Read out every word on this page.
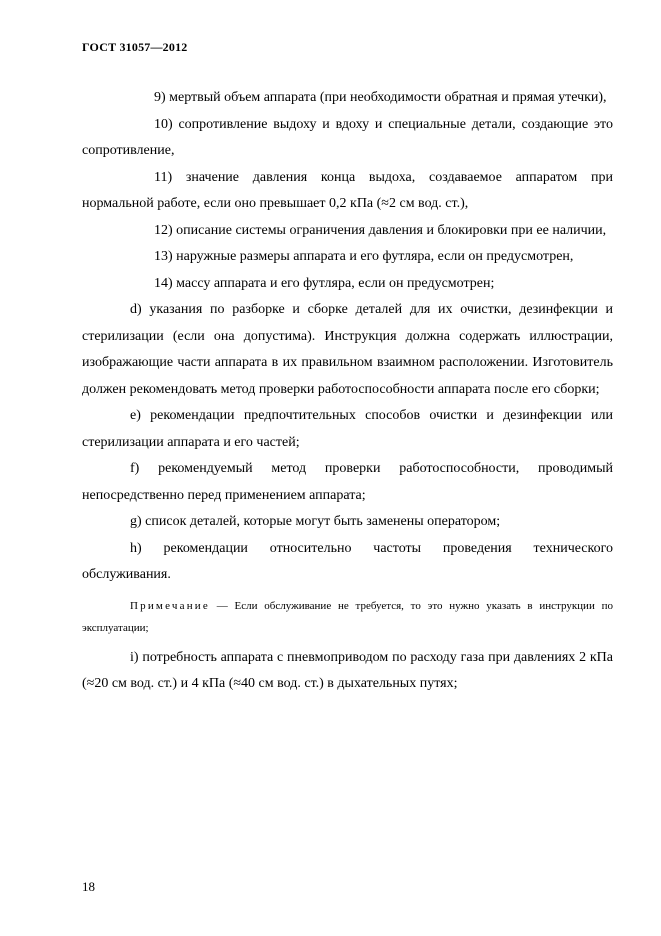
ГОСТ 31057—2012

9) мертвый объем аппарата (при необходимости обратная и прямая утечки),

10) сопротивление выдоху и вдоху и специальные детали, создающие это сопротивление,

11) значение давления конца выдоха, создаваемое аппаратом при нормальной работе, если оно превышает 0,2 кПа (≈2 см вод. ст.),

12) описание системы ограничения давления и блокировки при ее наличии,

13) наружные размеры аппарата и его футляра, если он предусмотрен,

14) массу аппарата и его футляра, если он предусмотрен;

d) указания по разборке и сборке деталей для их очистки, дезинфекции и стерилизации (если она допустима). Инструкция должна содержать иллюстрации, изображающие части аппарата в их правильном взаимном расположении. Изготовитель должен рекомендовать метод проверки работоспособности аппарата после его сборки;

e) рекомендации предпочтительных способов очистки и дезинфекции или стерилизации аппарата и его частей;

f) рекомендуемый метод проверки работоспособности, проводимый непосредственно перед применением аппарата;

g) список деталей, которые могут быть заменены оператором;

h) рекомендации относительно частоты проведения технического обслуживания.

Примечание — Если обслуживание не требуется, то это нужно указать в инструкции по эксплуатации;

i) потребность аппарата с пневмоприводом по расходу газа при давлениях 2 кПа (≈20 см вод. ст.) и 4 кПа (≈40 см вод. ст.) в дыхательных путях;

18
